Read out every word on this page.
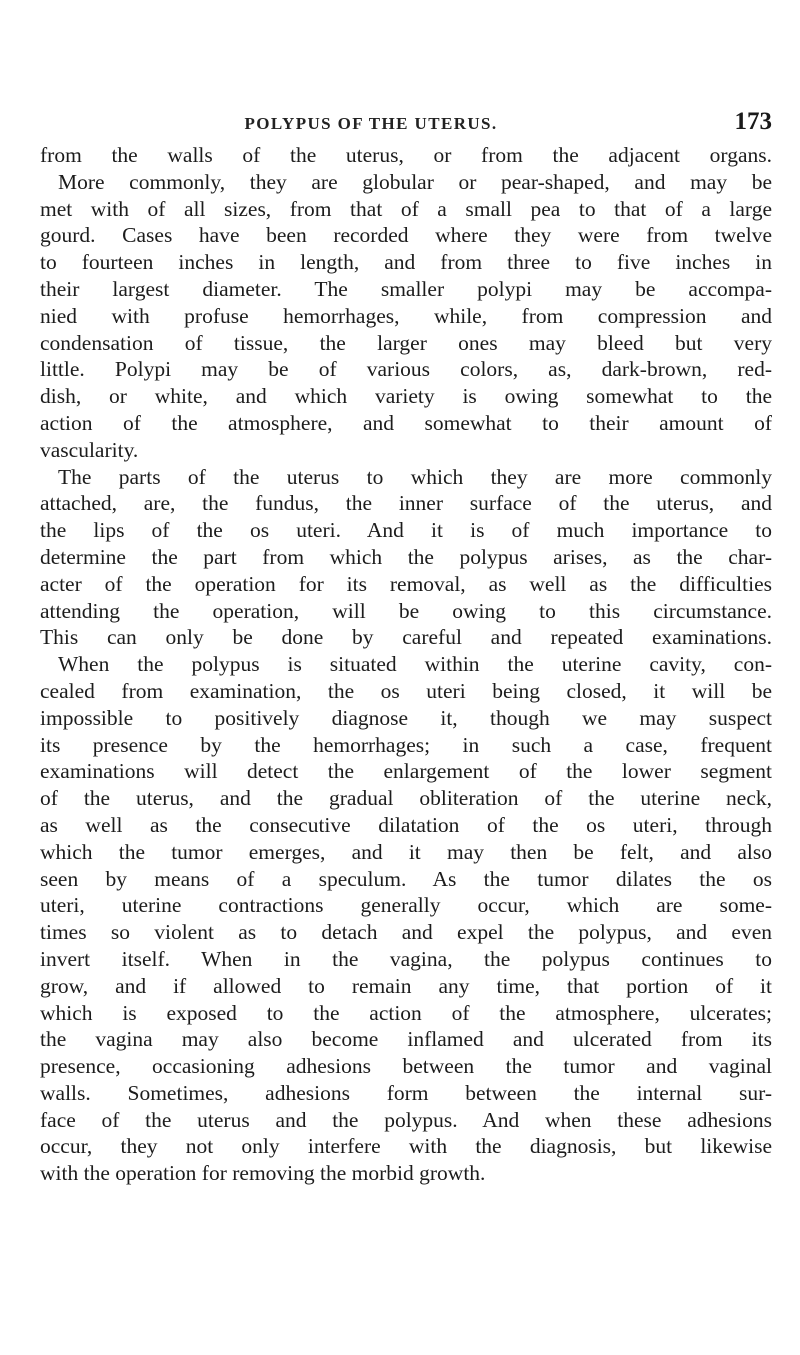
POLYPUS OF THE UTERUS.	173
from the walls of the uterus, or from the adjacent organs.
More commonly, they are globular or pear-shaped, and may be
met with of all sizes, from that of a small pea to that of a large
gourd. Cases have been recorded where they were from twelve
to fourteen inches in length, and from three to five inches in
their largest diameter. The smaller polypi may be accompa-
nied with profuse hemorrhages, while, from compression and
condensation of tissue, the larger ones may bleed but very
little. Polypi may be of various colors, as, dark-brown, red-
dish, or white, and which variety is owing somewhat to the
action of the atmosphere, and somewhat to their amount of
vascularity.
The parts of the uterus to which they are more commonly
attached, are, the fundus, the inner surface of the uterus, and
the lips of the os uteri. And it is of much importance to
determine the part from which the polypus arises, as the char-
acter of the operation for its removal, as well as the difficulties
attending the operation, will be owing to this circumstance.
This can only be done by careful and repeated examinations.
When the polypus is situated within the uterine cavity, con-
cealed from examination, the os uteri being closed, it will be
impossible to positively diagnose it, though we may suspect
its presence by the hemorrhages; in such a case, frequent
examinations will detect the enlargement of the lower segment
of the uterus, and the gradual obliteration of the uterine neck,
as well as the consecutive dilatation of the os uteri, through
which the tumor emerges, and it may then be felt, and also
seen by means of a speculum. As the tumor dilates the os
uteri, uterine contractions generally occur, which are some-
times so violent as to detach and expel the polypus, and even
invert itself. When in the vagina, the polypus continues to
grow, and if allowed to remain any time, that portion of it
which is exposed to the action of the atmosphere, ulcerates;
the vagina may also become inflamed and ulcerated from its
presence, occasioning adhesions between the tumor and vaginal
walls. Sometimes, adhesions form between the internal sur-
face of the uterus and the polypus. And when these adhesions
occur, they not only interfere with the diagnosis, but likewise
with the operation for removing the morbid growth.
